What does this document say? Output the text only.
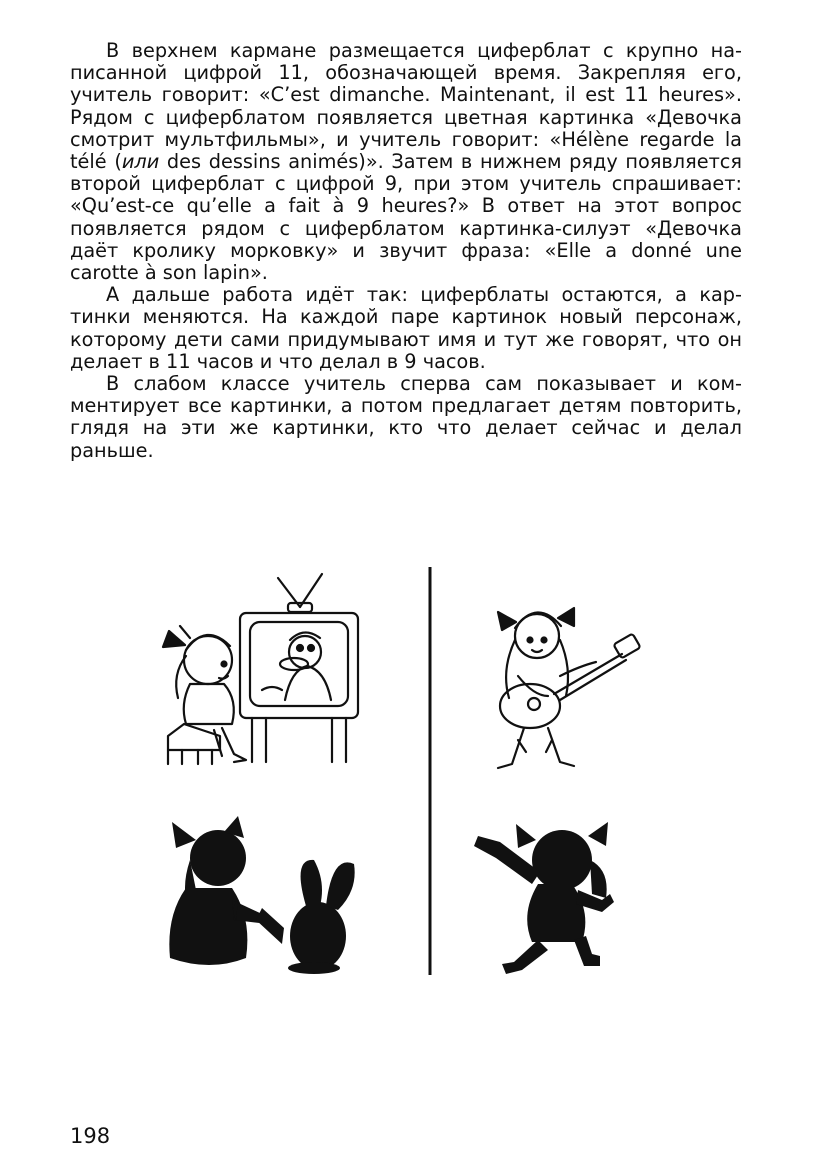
В верхнем кармане размещается циферблат с крупно написанной цифрой 11, обозначающей время. Закрепляя его, учитель говорит: «C’est dimanche. Maintenant, il est 11 heures». Рядом с циферблатом появляется цветная картинка «Девочка смотрит мультфильмы», и учитель говорит: «Hélène regarde la télé (или des dessins animés)». Затем в нижнем ряду появляется второй циферблат с цифрой 9, при этом учитель спрашивает: «Qu’est-ce qu’elle a fait à 9 heures?» В ответ на этот вопрос появляется рядом с циферблатом картинка-силуэт «Девочка даёт кролику морковку» и звучит фраза: «Elle a donné une carotte à son lapin».

А дальше работа идёт так: циферблаты остаются, а картинки меняются. На каждой паре картинок новый персонаж, которому дети сами придумывают имя и тут же говорят, что он делает в 11 часов и что делал в 9 часов.

В слабом классе учитель сперва сам показывает и комментирует все картинки, а потом предлагает детям повторить, глядя на эти же картинки, кто что делает сейчас и делал раньше.

198
